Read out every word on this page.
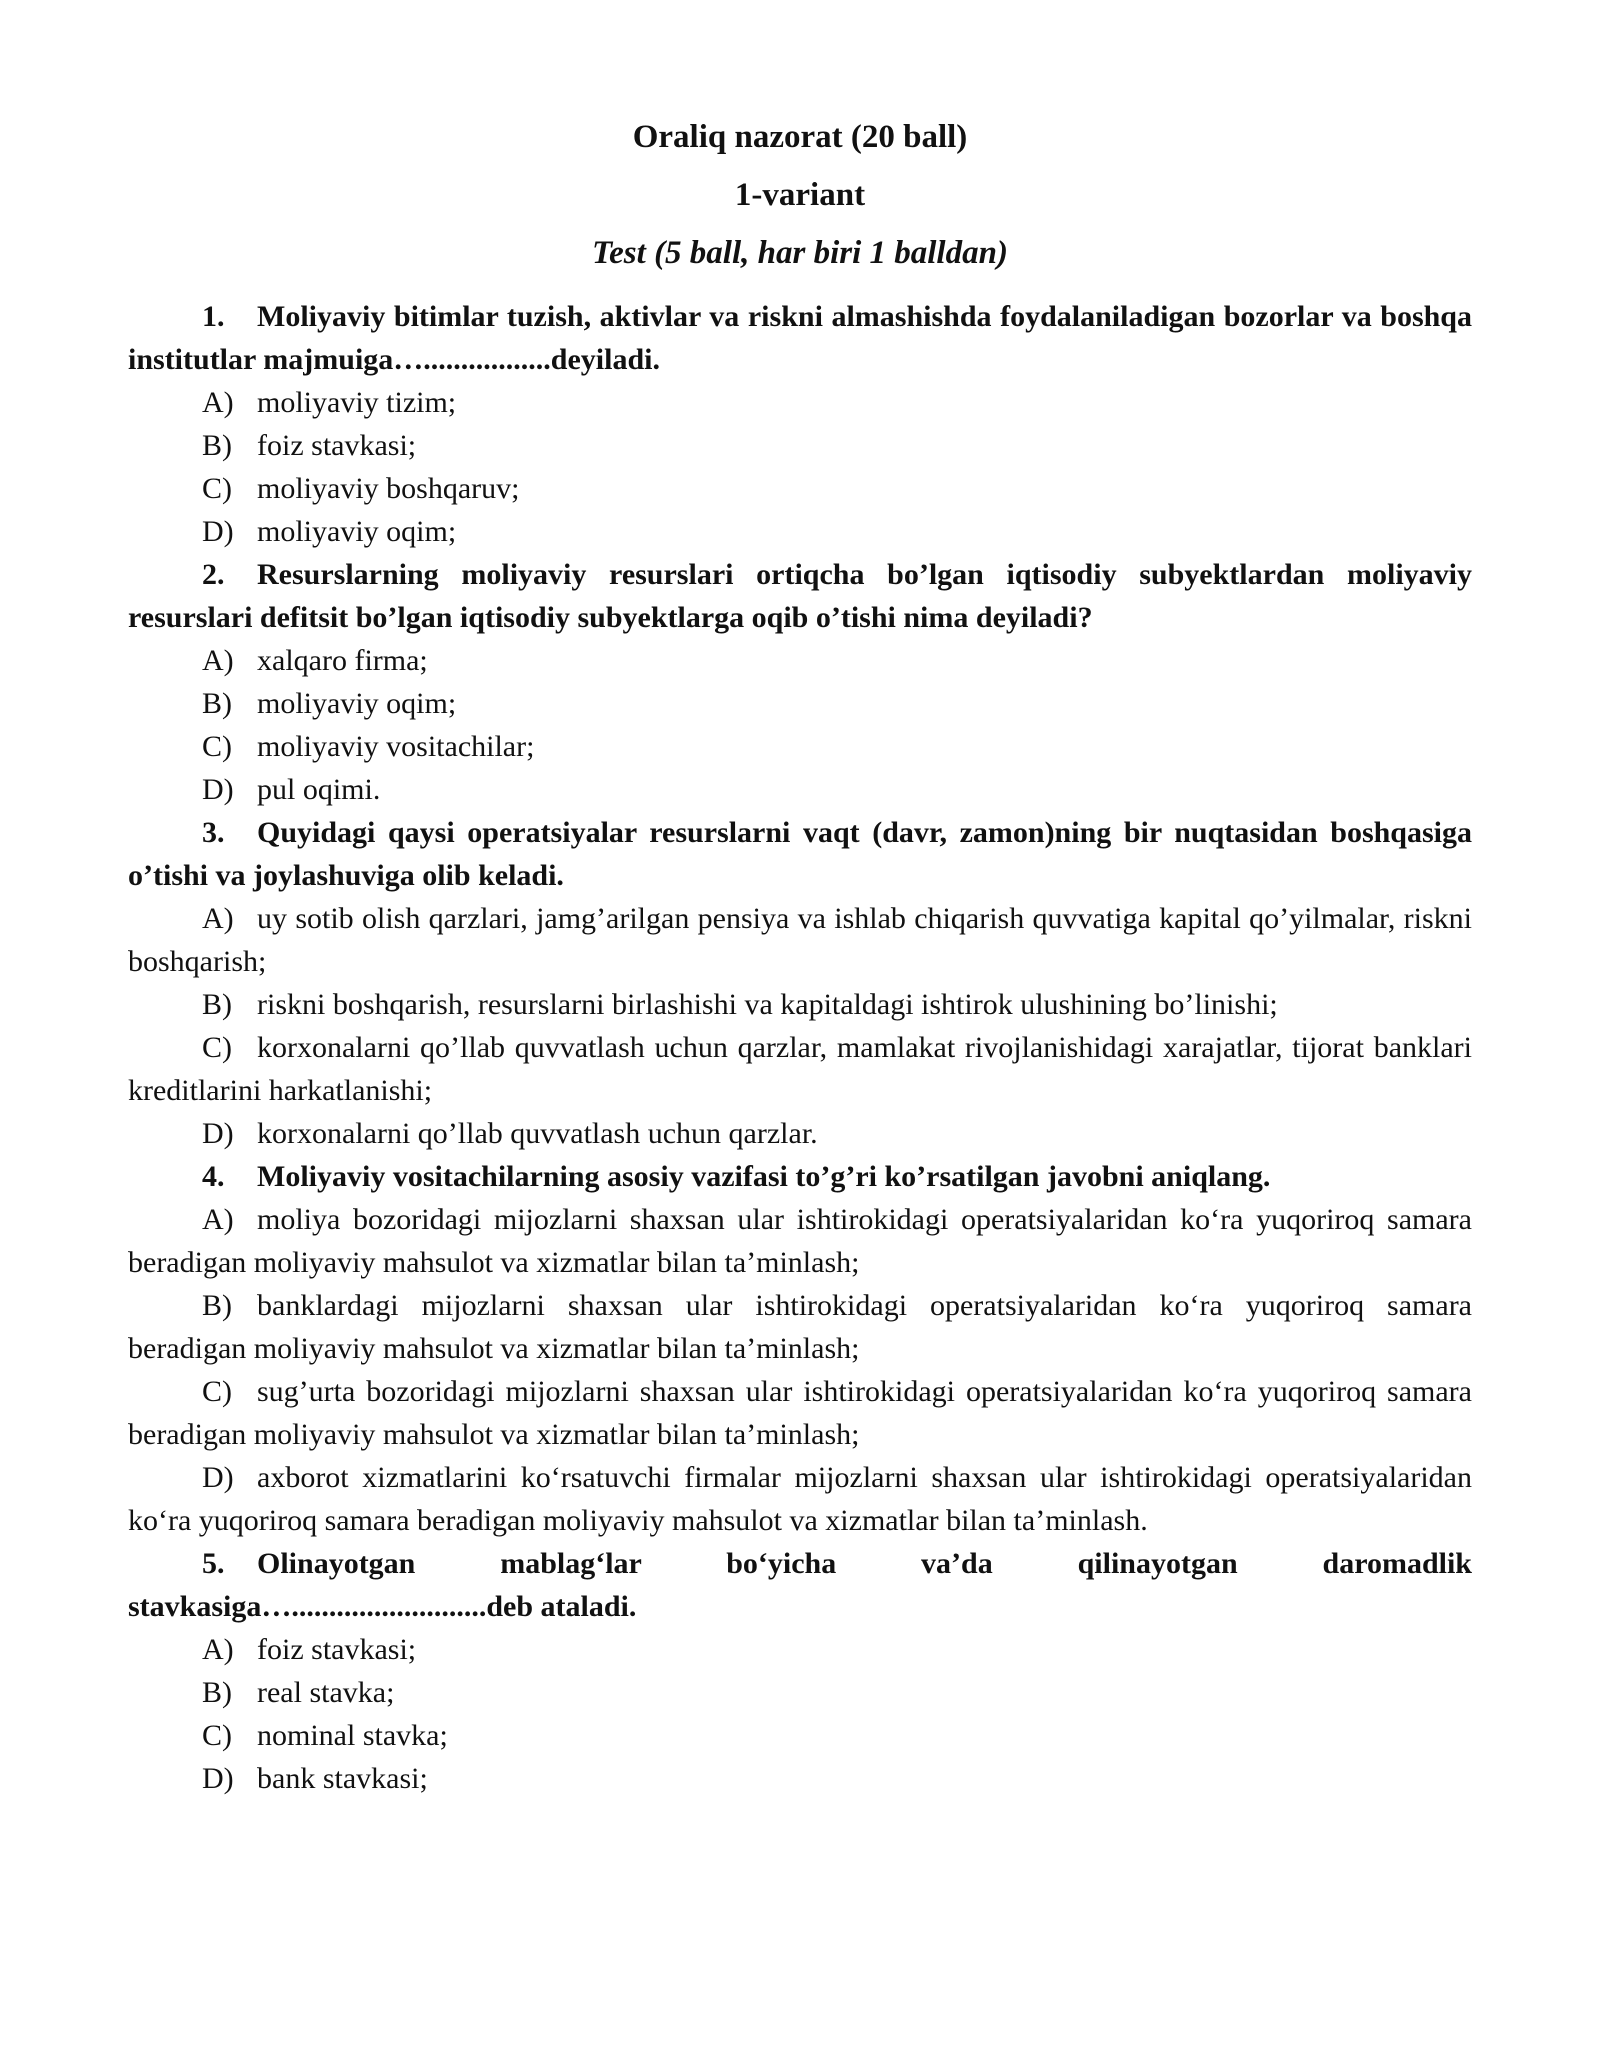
Oraliq nazorat (20 ball)

1-variant

Test (5 ball, har biri 1 balldan)

1. Moliyaviy bitimlar tuzish, aktivlar va riskni almashishda foydalaniladigan bozorlar va boshqa institutlar majmuiga….................deyiladi.

A) moliyaviy tizim;

B) foiz stavkasi;

C) moliyaviy boshqaruv;

D) moliyaviy oqim;

2. Resurslarning moliyaviy resurslari ortiqcha bo’lgan iqtisodiy subyektlardan moliyaviy resurslari defitsit bo’lgan iqtisodiy subyektlarga oqib o’tishi nima deyiladi?

A) xalqaro firma;

B) moliyaviy oqim;

C) moliyaviy vositachilar;

D) pul oqimi.

3. Quyidagi qaysi operatsiyalar resurslarni vaqt (davr, zamon)ning bir nuqtasidan boshqasiga o’tishi va joylashuviga olib keladi.

A) uy sotib olish qarzlari, jamg’arilgan pensiya va ishlab chiqarish quvvatiga kapital qo’yilmalar, riskni boshqarish;

B) riskni boshqarish, resurslarni birlashishi va kapitaldagi ishtirok ulushining bo’linishi;

C) korxonalarni qo’llab quvvatlash uchun qarzlar, mamlakat rivojlanishidagi xarajatlar, tijorat banklari kreditlarini harkatlanishi;

D) korxonalarni qo’llab quvvatlash uchun qarzlar.

4. Moliyaviy vositachilarning asosiy vazifasi to’g’ri ko’rsatilgan javobni aniqlang.

A) moliya bozoridagi mijozlarni shaxsan ular ishtirokidagi operatsiyalaridan koʻra yuqoriroq samara beradigan moliyaviy mahsulot va xizmatlar bilan ta’minlash;

B) banklardagi mijozlarni shaxsan ular ishtirokidagi operatsiyalaridan koʻra yuqoriroq samara beradigan moliyaviy mahsulot va xizmatlar bilan ta’minlash;

C) sug’urta bozoridagi mijozlarni shaxsan ular ishtirokidagi operatsiyalaridan koʻra yuqoriroq samara beradigan moliyaviy mahsulot va xizmatlar bilan ta’minlash;

D) axborot xizmatlarini koʻrsatuvchi firmalar mijozlarni shaxsan ular ishtirokidagi operatsiyalaridan koʻra yuqoriroq samara beradigan moliyaviy mahsulot va xizmatlar bilan ta’minlash.

5. Olinayotgan mablagʻlar boʻyicha va’da qilinayotgan daromadlik stavkasiga…..........................deb ataladi.

A) foiz stavkasi;

B) real stavka;

C) nominal stavka;

D) bank stavkasi;
